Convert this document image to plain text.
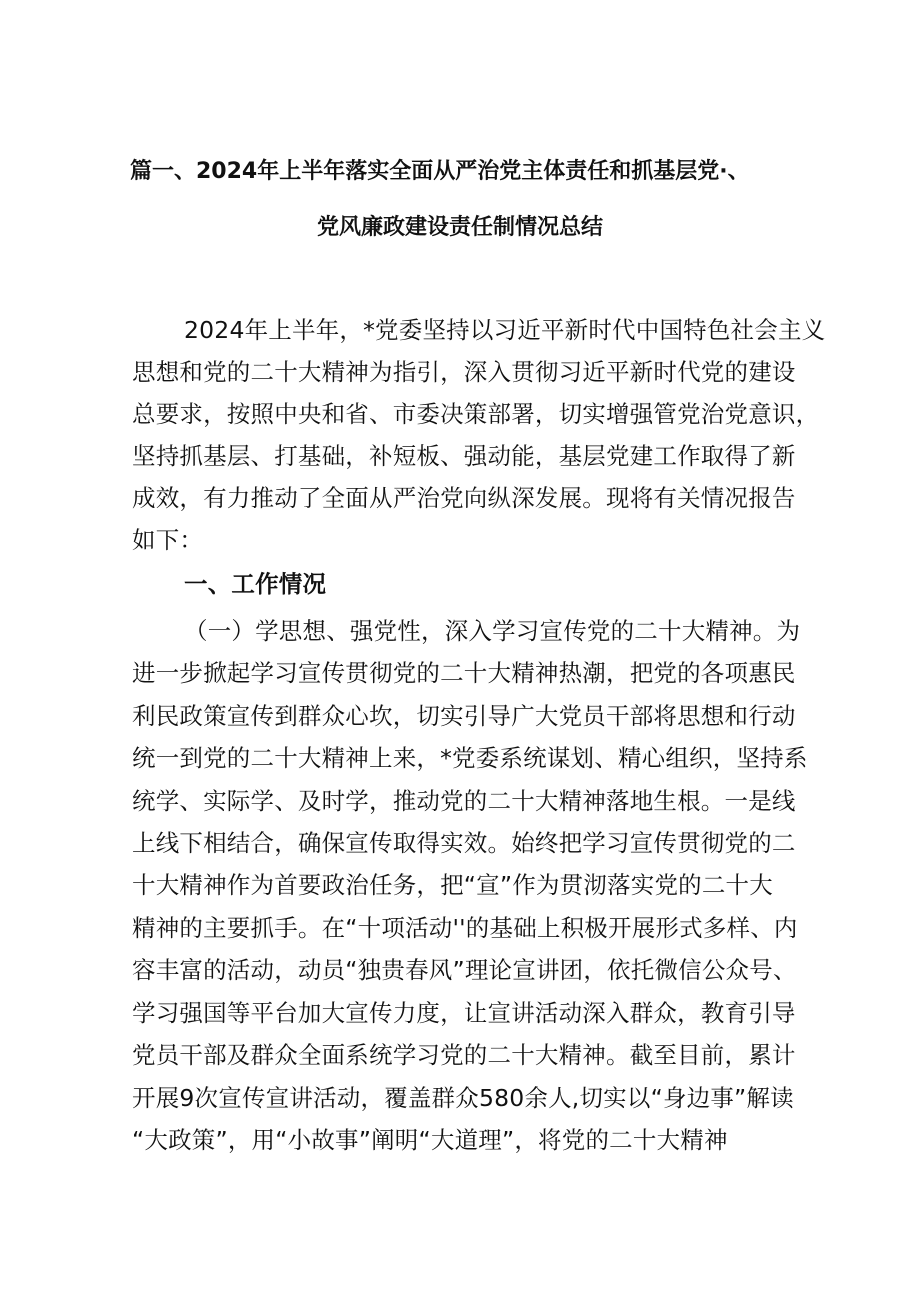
篇一、2024年上半年落实全面从严治党主体责任和抓基层党·、
党风廉政建设责任制情况总结
2024年上半年，*党委坚持以习近平新时代中国特色社会主义
思想和党的二十大精神为指引，深入贯彻习近平新时代党的建设
总要求，按照中央和省、市委决策部署，切实增强管党治党意识，
坚持抓基层、打基础，补短板、强动能，基层党建工作取得了新
成效，有力推动了全面从严治党向纵深发展。现将有关情况报告
如下：
一、工作情况
（一）学思想、强党性，深入学习宣传党的二十大精神。为
进一步掀起学习宣传贯彻党的二十大精神热潮，把党的各项惠民
利民政策宣传到群众心坎，切实引导广大党员干部将思想和行动
统一到党的二十大精神上来，*党委系统谋划、精心组织，坚持系
统学、实际学、及时学，推动党的二十大精神落地生根。一是线
上线下相结合，确保宣传取得实效。始终把学习宣传贯彻党的二
十大精神作为首要政治任务，把“宣”作为贯沏落实党的二十大
精神的主要抓手。在“十项活动''的基础上积极开展形式多样、内
容丰富的活动，动员“独贵春风”理论宣讲团，依托微信公众号、
学习强国等平台加大宣传力度，让宣讲活动深入群众，教育引导
党员干部及群众全面系统学习党的二十大精神。截至目前，累计
开展9次宣传宣讲活动，覆盖群众580余人,切实以“身边事”解读
“大政策”，用“小故事”阐明“大道理”，将党的二十大精神
